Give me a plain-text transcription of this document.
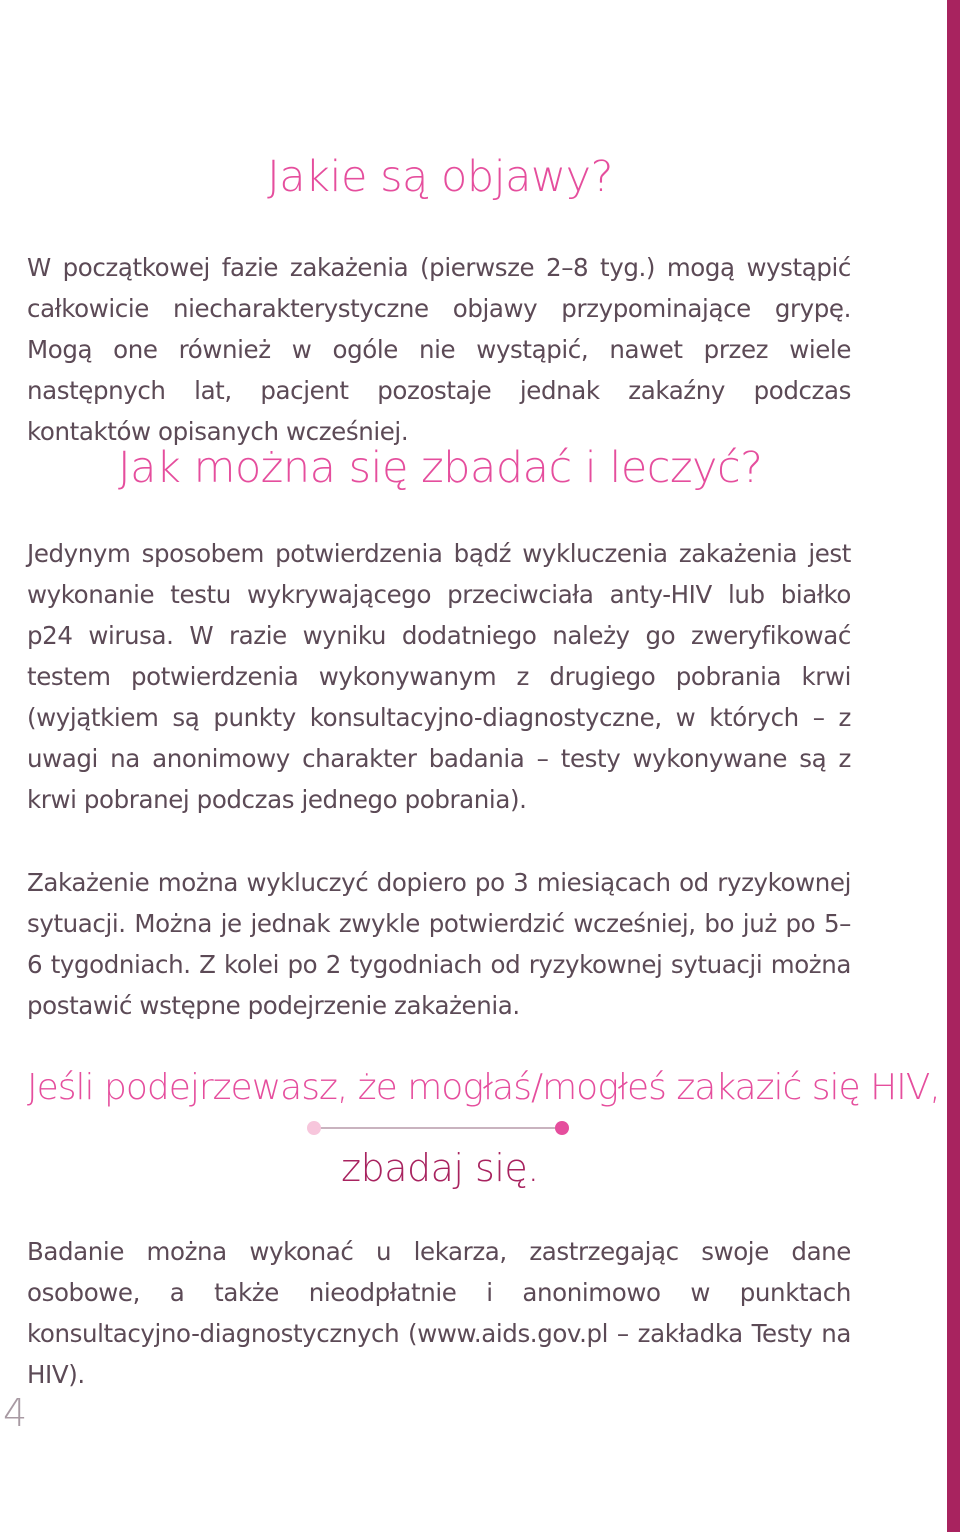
Jakie są objawy?

W początkowej fazie zakażenia (pierwsze 2–8 tyg.) mogą wystąpić całkowicie niecharakterystyczne objawy przypominające grypę. Mogą one również w ogóle nie wystąpić, nawet przez wiele następnych lat, pacjent pozostaje jednak zakaźny podczas kontaktów opisanych wcześniej.

Jak można się zbadać i leczyć?

Jedynym sposobem potwierdzenia bądź wykluczenia zakażenia jest wykonanie testu wykrywającego przeciwciała anty-HIV lub białko p24 wirusa. W razie wyniku dodatniego należy go zweryfikować testem potwierdzenia wykonywanym z drugiego pobrania krwi (wyjątkiem są punkty konsultacyjno-diagnostyczne, w których – z uwagi na anonimowy charakter badania – testy wykonywane są z krwi pobranej podczas jednego pobrania).

Zakażenie można wykluczyć dopiero po 3 miesiącach od ryzykownej sytuacji. Można je jednak zwykle potwierdzić wcześniej, bo już po 5–6 tygodniach. Z kolei po 2 tygodniach od ryzykownej sytuacji można postawić wstępne podejrzenie zakażenia.

Jeśli podejrzewasz, że mogłaś/mogłeś zakazić się HIV,

zbadaj się.

Badanie można wykonać u lekarza, zastrzegając swoje dane osobowe, a także nieodpłatnie i anonimowo w punktach konsultacyjno-diagnostycznych (www.aids.gov.pl – zakładka Testy na HIV).

4
